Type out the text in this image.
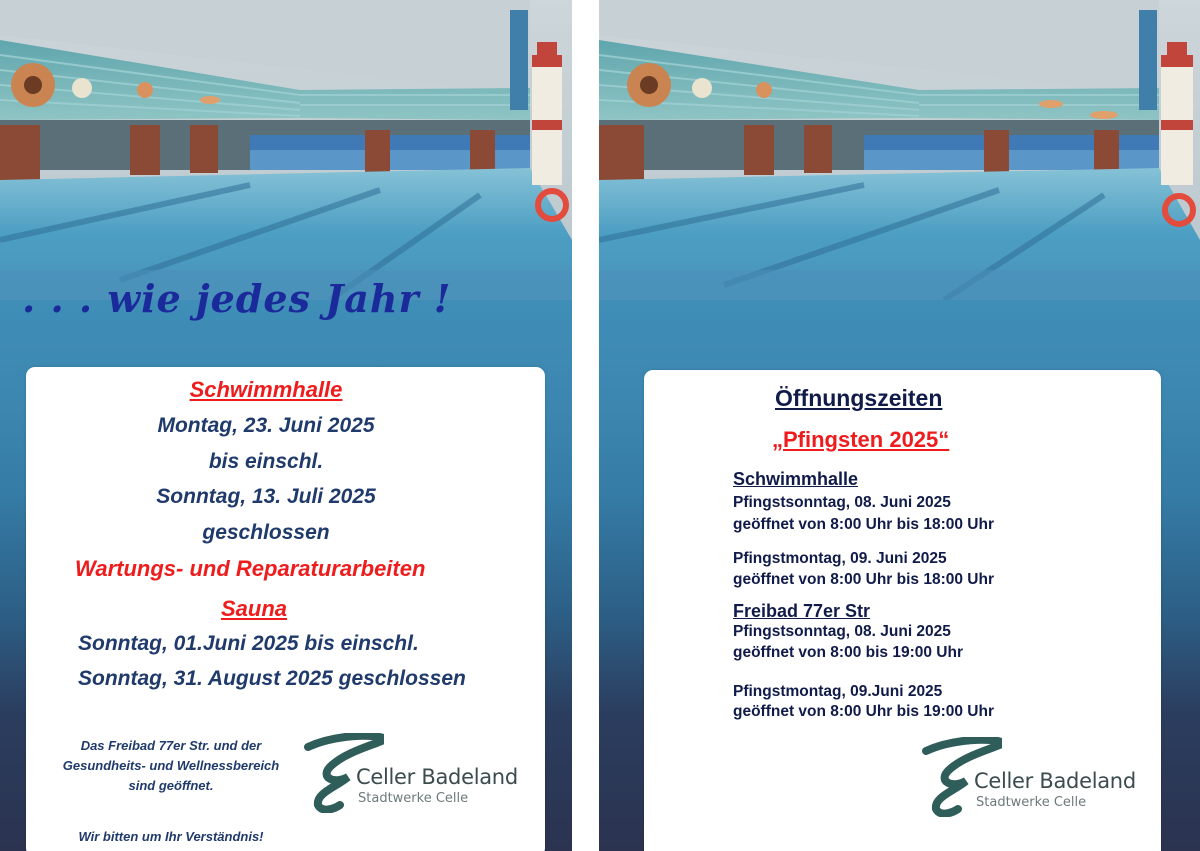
. . . wie jedes Jahr !
Schwimmhalle
Montag, 23. Juni 2025
bis einschl.
Sonntag, 13. Juli 2025
geschlossen
Wartungs- und Reparaturarbeiten
Sauna
Sonntag, 01.Juni 2025 bis einschl.
Sonntag, 31. August 2025 geschlossen
Das Freibad 77er Str. und der
Gesundheits- und Wellnessbereich
sind geöffnet.
Wir bitten um Ihr Verständnis!
Celler Badeland
Stadtwerke Celle
Öffnungszeiten
„Pfingsten 2025“
Schwimmhalle
Pfingstsonntag, 08. Juni 2025
geöffnet von 8:00 Uhr bis 18:00 Uhr
Pfingstmontag, 09. Juni 2025
geöffnet von 8:00 Uhr bis 18:00 Uhr
Freibad 77er Str
Pfingstsonntag, 08. Juni 2025
geöffnet von 8:00 bis 19:00 Uhr
Pfingstmontag, 09.Juni 2025
geöffnet von 8:00 Uhr bis 19:00 Uhr
Celler Badeland
Stadtwerke Celle
